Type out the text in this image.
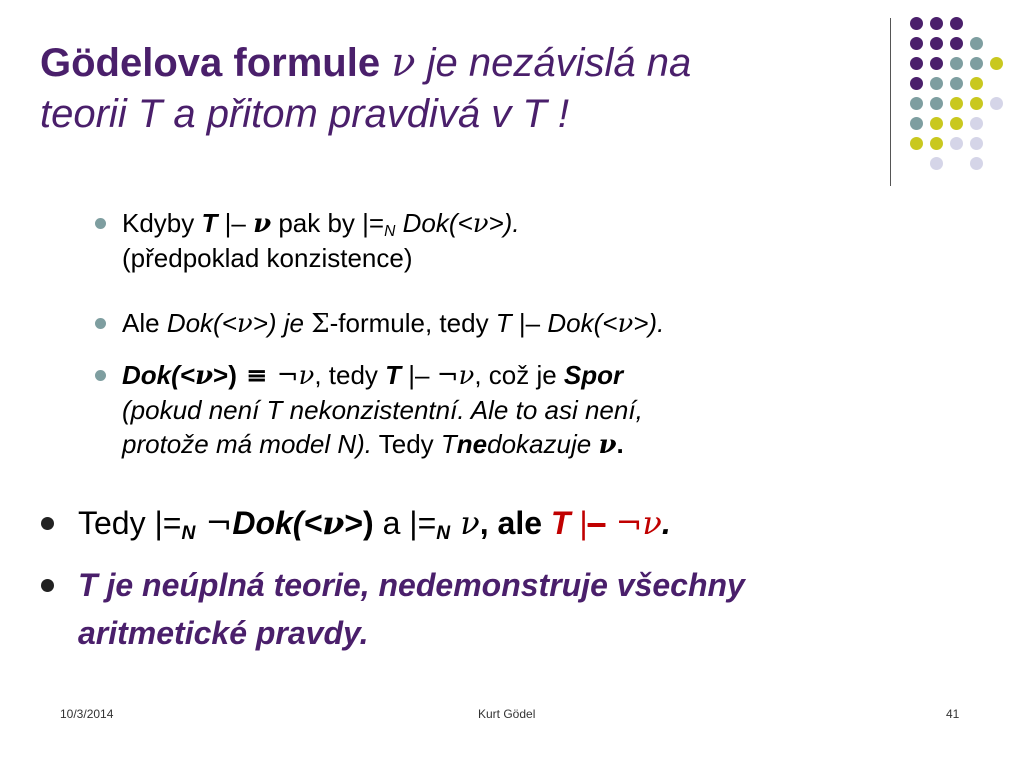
Gödelova formule ν je nezávislá na
teorii T a přitom pravdivá v T !
Kdyby T |– ν pak by $|=_N$ Dok(<ν>).
(předpoklad konzistence)
Ale Dok(<ν>) je Σ-formule, tedy T |– Dok(<ν>).
Dok(<ν>) ≡ ¬ν, tedy T |– ¬ν, což je Spor
(pokud není T nekonzistentní. Ale to asi není,
protože má model N). Tedy Tnedokazuje ν.
Tedy $|=_N$ ¬Dok(<ν>) a $|=_N$ ν, ale T |– ¬ν.
T je neúplná teorie, nedemonstruje všechny
aritmetické pravdy.
10/3/2014	Kurt Gödel	41
